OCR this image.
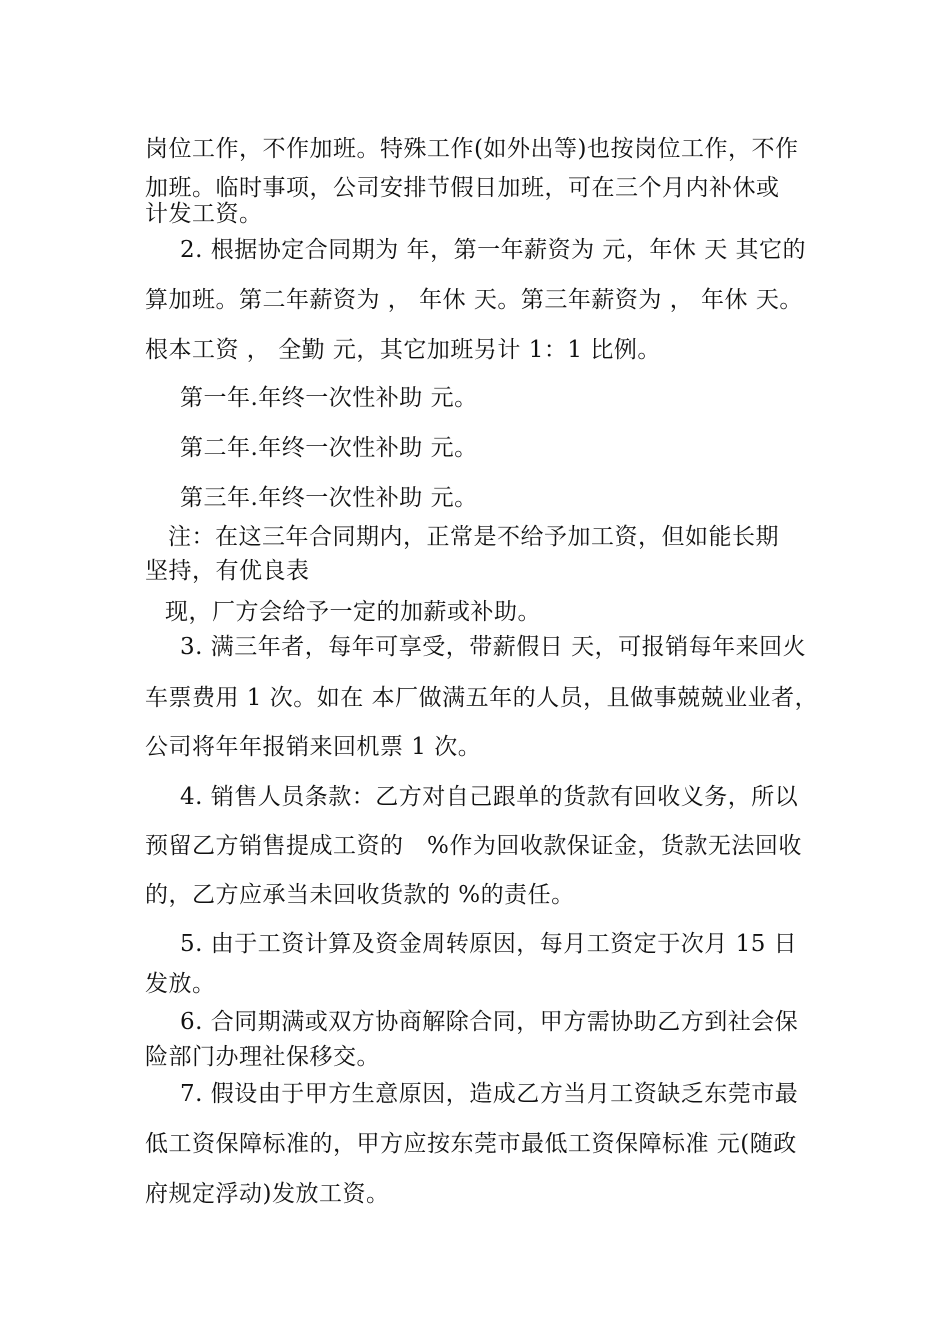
岗位工作，不作加班。特殊工作(如外出等)也按岗位工作，不作
加班。临时事项，公司安排节假日加班，可在三个月内补休或
计发工资。
2. 根据协定合同期为 年，第一年薪资为 元，年休 天 其它的
算加班。第二年薪资为 ， 年休 天。第三年薪资为 ， 年休 天。
根本工资 ， 全勤 元，其它加班另计 1：1 比例。
第一年.年终一次性补助 元。
第二年.年终一次性补助 元。
第三年.年终一次性补助 元。
注：在这三年合同期内，正常是不给予加工资，但如能长期
坚持，有优良表
现，厂方会给予一定的加薪或补助。
3. 满三年者，每年可享受，带薪假日 天，可报销每年来回火
车票费用 1 次。如在 本厂做满五年的人员，且做事兢兢业业者，
公司将年年报销来回机票 1 次。
4. 销售人员条款：乙方对自己跟单的货款有回收义务，所以
预留乙方销售提成工资的　%作为回收款保证金，货款无法回收
的，乙方应承当未回收货款的 %的责任。
5. 由于工资计算及资金周转原因，每月工资定于次月 15 日
发放。
6. 合同期满或双方协商解除合同，甲方需协助乙方到社会保
险部门办理社保移交。
7. 假设由于甲方生意原因，造成乙方当月工资缺乏东莞市最
低工资保障标准的，甲方应按东莞市最低工资保障标准 元(随政
府规定浮动)发放工资。
